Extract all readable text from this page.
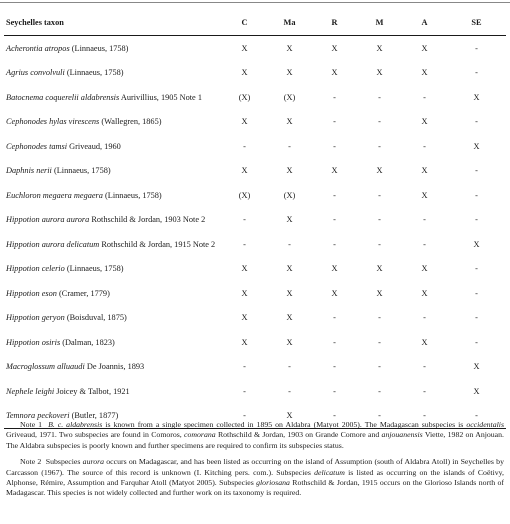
Seychelles taxon	C	Ma	R	M	A	SE
Acherontia atropos (Linnaeus, 1758)	X	X	X	X	X	-
Agrius convolvuli (Linnaeus, 1758)	X	X	X	X	X	-
Batocnema coquerelii aldabrensis Aurivillius, 1905 Note 1	(X)	(X)	-	-	-	X
Cephonodes hylas virescens (Wallegren, 1865)	X	X	-	-	X	-
Cephonodes tamsi Griveaud, 1960	-	-	-	-	-	X
Daphnis nerii (Linnaeus, 1758)	X	X	X	X	X	-
Euchloron megaera megaera (Linnaeus, 1758)	(X)	(X)	-	-	X	-
Hippotion aurora aurora Rothschild & Jordan, 1903 Note 2	-	X	-	-	-	-
Hippotion aurora delicatum Rothschild & Jordan, 1915 Note 2	-	-	-	-	-	X
Hippotion celerio (Linnaeus, 1758)	X	X	X	X	X	-
Hippotion eson (Cramer, 1779)	X	X	X	X	X	-
Hippotion geryon (Boisduval, 1875)	X	X	-	-	-	-
Hippotion osiris (Dalman, 1823)	X	X	-	-	X	-
Macroglossum alluaudi De Joannis, 1893	-	-	-	-	-	X
Nephele leighi Joicey & Talbot, 1921	-	-	-	-	-	X
Temnora peckoveri (Butler, 1877)	-	X	-	-	-	-

Note 1 B. c. aldabrensis is known from a single specimen collected in 1895 on Aldabra (Matyot 2005). The Madagascan subspecies is occidentalis Griveaud, 1971. Two subspecies are found in Comoros, comorana Rothschild & Jordan, 1903 on Grande Comore and anjouanensis Viette, 1982 on Anjouan. The Aldabra subspecies is poorly known and further specimens are required to confirm its subspecies status.

Note 2 Subspecies aurora occurs on Madagascar, and has been listed as occurring on the island of Assumption (south of Aldabra Atoll) in Seychelles by Carcasson (1967). The source of this record is unknown (I. Kitching pers. com.). Subspecies delicatum is listed as occurring on the islands of Coëtivy, Alphonse, Rémire, Assumption and Farquhar Atoll (Matyot 2005). Subspecies gloriosana Rothschild & Jordan, 1915 occurs on the Glorioso Islands north of Madagascar. This species is not widely collected and further work on its taxonomy is required.
